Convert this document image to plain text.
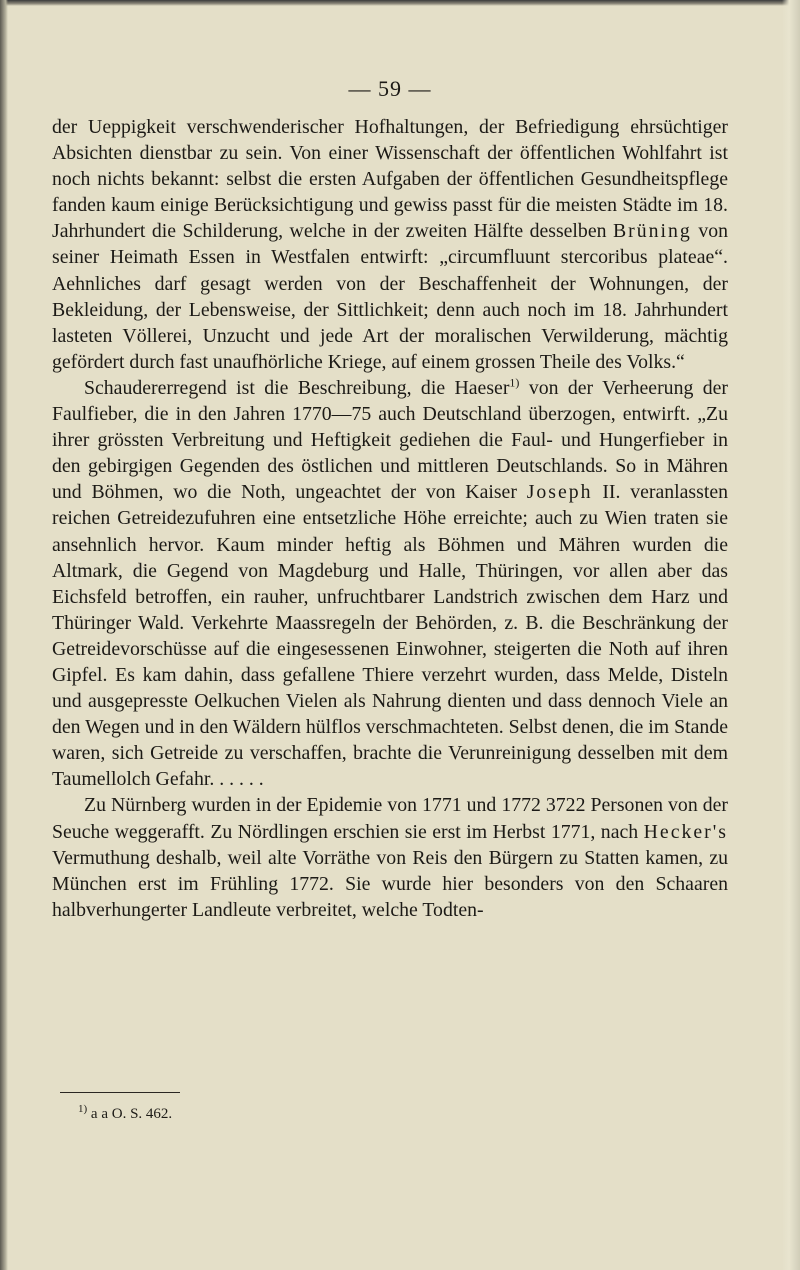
— 59 —

der Ueppigkeit verschwenderischer Hofhaltungen, der Befriedigung ehrsüchtiger Absichten dienstbar zu sein. Von einer Wissenschaft der öffentlichen Wohlfahrt ist noch nichts bekannt: selbst die ersten Aufgaben der öffentlichen Gesundheitspflege fanden kaum einige Berücksichtigung und gewiss passt für die meisten Städte im 18. Jahrhundert die Schilderung, welche in der zweiten Hälfte desselben Brüning von seiner Heimath Essen in Westfalen entwirft: „circumfluunt stercoribus plateae“. Aehnliches darf gesagt werden von der Beschaffenheit der Wohnungen, der Bekleidung, der Lebensweise, der Sittlichkeit; denn auch noch im 18. Jahrhundert lasteten Völlerei, Unzucht und jede Art der moralischen Verwilderung, mächtig gefördert durch fast unaufhörliche Kriege, auf einem grossen Theile des Volks.“

Schaudererregend ist die Beschreibung, die Haeser$^{1)}$ von der Verheerung der Faulfieber, die in den Jahren 1770—75 auch Deutschland überzogen, entwirft. „Zu ihrer grössten Verbreitung und Heftigkeit gediehen die Faul- und Hungerfieber in den gebirgigen Gegenden des östlichen und mittleren Deutschlands. So in Mähren und Böhmen, wo die Noth, ungeachtet der von Kaiser Joseph II. veranlassten reichen Getreidezufuhren eine entsetzliche Höhe erreichte; auch zu Wien traten sie ansehnlich hervor. Kaum minder heftig als Böhmen und Mähren wurden die Altmark, die Gegend von Magdeburg und Halle, Thüringen, vor allen aber das Eichsfeld betroffen, ein rauher, unfruchtbarer Landstrich zwischen dem Harz und Thüringer Wald. Verkehrte Maassregeln der Behörden, z. B. die Beschränkung der Getreidevorschüsse auf die eingesessenen Einwohner, steigerten die Noth auf ihren Gipfel. Es kam dahin, dass gefallene Thiere verzehrt wurden, dass Melde, Disteln und ausgepresste Oelkuchen Vielen als Nahrung dienten und dass dennoch Viele an den Wegen und in den Wäldern hülflos verschmachteten. Selbst denen, die im Stande waren, sich Getreide zu verschaffen, brachte die Verunreinigung desselben mit dem Taumellolch Gefahr. . . . . .

Zu Nürnberg wurden in der Epidemie von 1771 und 1772 3722 Personen von der Seuche weggerafft. Zu Nördlingen erschien sie erst im Herbst 1771, nach Hecker's Vermuthung deshalb, weil alte Vorräthe von Reis den Bürgern zu Statten kamen, zu München erst im Frühling 1772. Sie wurde hier besonders von den Schaaren halbverhungerter Landleute verbreitet, welche Todten-

$^{1)}$ a a O. S. 462.
